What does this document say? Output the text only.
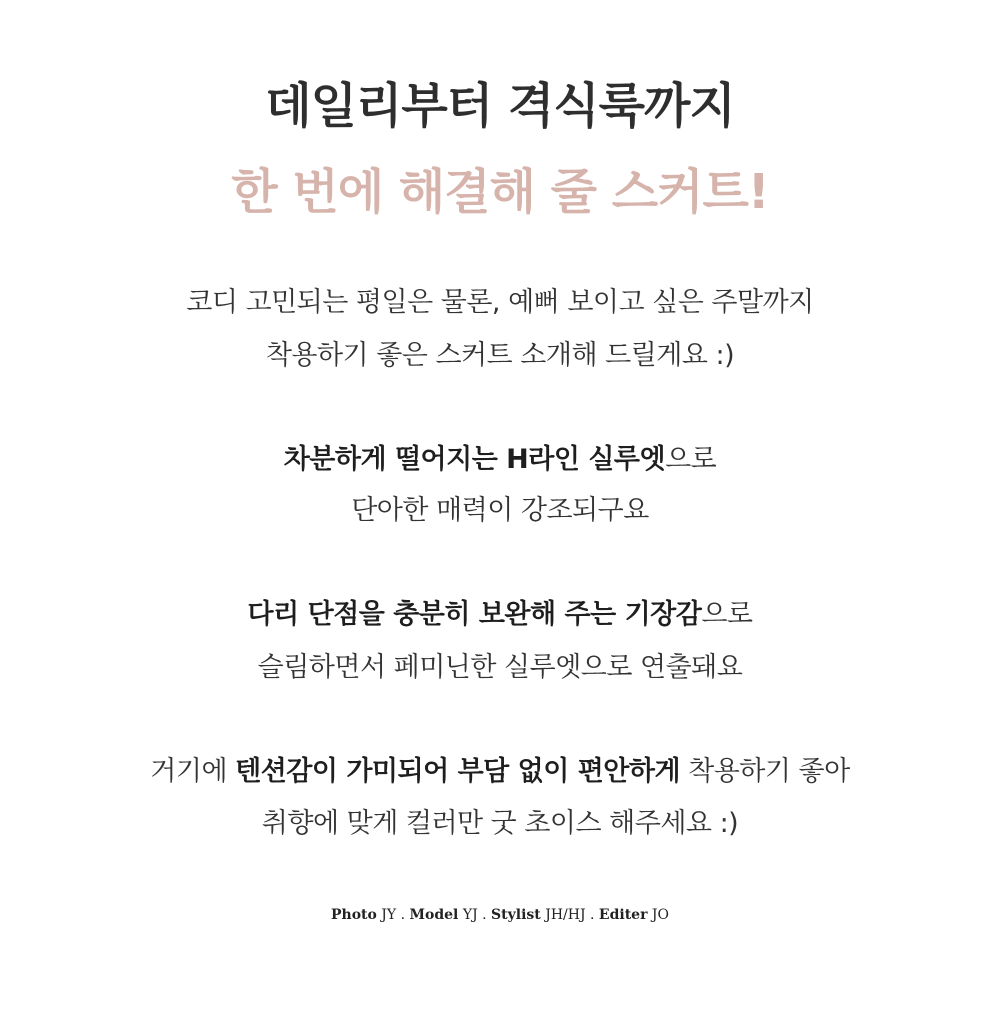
데일리부터 격식룩까지
한 번에 해결해 줄 스커트!
코디 고민되는 평일은 물론, 예뻐 보이고 싶은 주말까지
착용하기 좋은 스커트 소개해 드릴게요 :)
차분하게 떨어지는 H라인 실루엣으로
단아한 매력이 강조되구요
다리 단점을 충분히 보완해 주는 기장감으로
슬림하면서 페미닌한 실루엣으로 연출돼요
거기에 텐션감이 가미되어 부담 없이 편안하게 착용하기 좋아
취향에 맞게 컬러만 굿 초이스 해주세요 :)
Photo JY . Model YJ . Stylist JH/HJ . Editer JO
